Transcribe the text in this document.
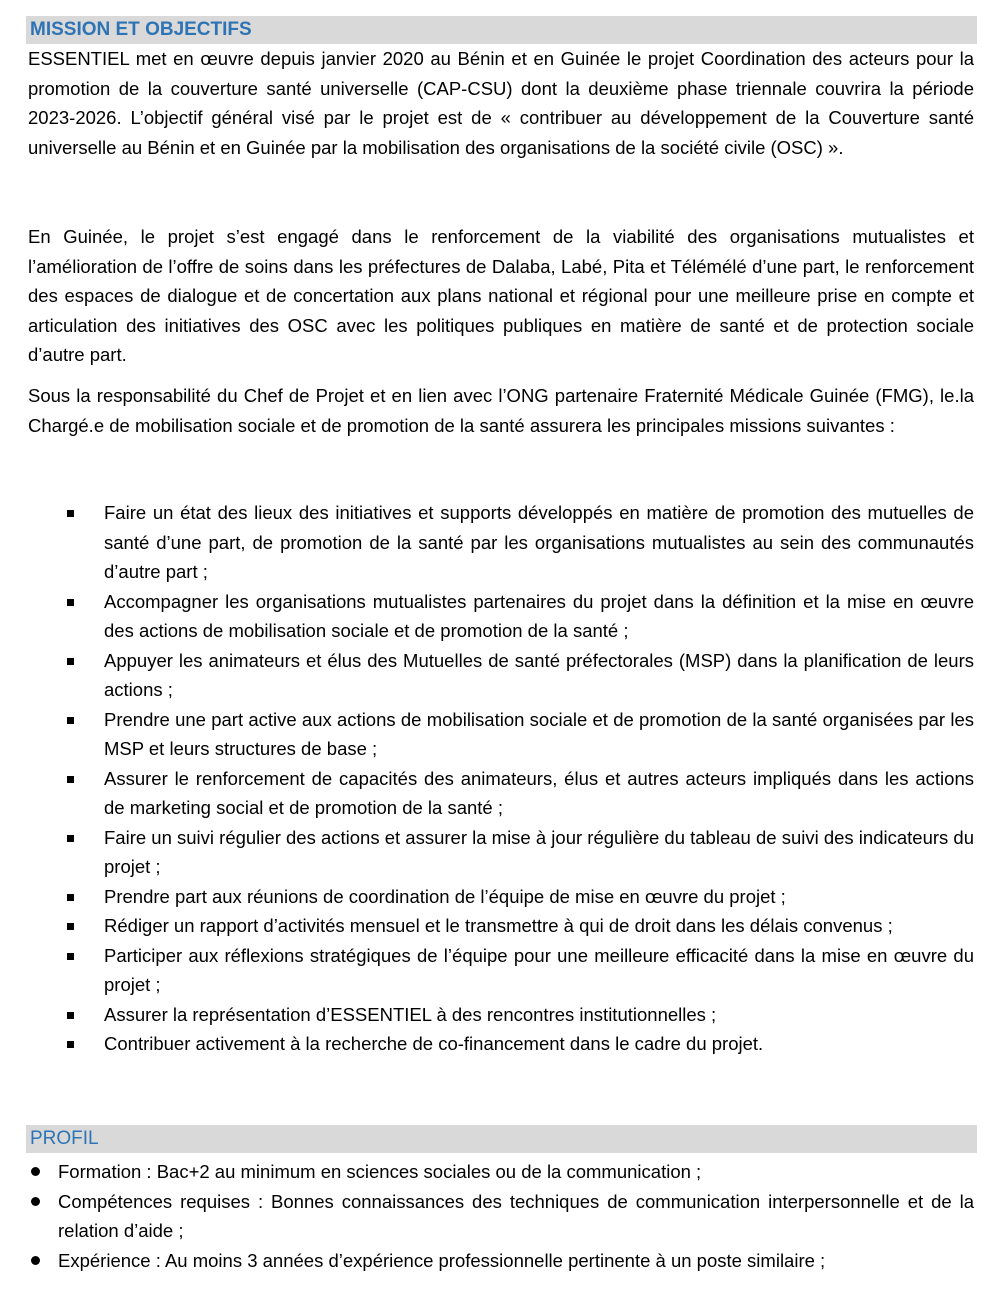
MISSION ET OBJECTIFS

ESSENTIEL met en œuvre depuis janvier 2020 au Bénin et en Guinée le projet Coordination des acteurs pour la promotion de la couverture santé universelle (CAP-CSU) dont la deuxième phase triennale couvrira la période 2023-2026. L’objectif général visé par le projet est de « contribuer au développement de la Couverture santé universelle au Bénin et en Guinée par la mobilisation des organisations de la société civile (OSC) ».

En Guinée, le projet s’est engagé dans le renforcement de la viabilité des organisations mutualistes et l’amélioration de l’offre de soins dans les préfectures de Dalaba, Labé, Pita et Télémélé d’une part, le renforcement des espaces de dialogue et de concertation aux plans national et régional pour une meilleure prise en compte et articulation des initiatives des OSC avec les politiques publiques en matière de santé et de protection sociale d’autre part.

Sous la responsabilité du Chef de Projet et en lien avec l’ONG partenaire Fraternité Médicale Guinée (FMG), le.la Chargé.e de mobilisation sociale et de promotion de la santé assurera les principales missions suivantes :

Faire un état des lieux des initiatives et supports développés en matière de promotion des mutuelles de santé d’une part, de promotion de la santé par les organisations mutualistes au sein des communautés d’autre part ;
Accompagner les organisations mutualistes partenaires du projet dans la définition et la mise en œuvre des actions de mobilisation sociale et de promotion de la santé ;
Appuyer les animateurs et élus des Mutuelles de santé préfectorales (MSP) dans la planification de leurs actions ;
Prendre une part active aux actions de mobilisation sociale et de promotion de la santé organisées par les MSP et leurs structures de base ;
Assurer le renforcement de capacités des animateurs, élus et autres acteurs impliqués dans les actions de marketing social et de promotion de la santé ;
Faire un suivi régulier des actions et assurer la mise à jour régulière du tableau de suivi des indicateurs du projet ;
Prendre part aux réunions de coordination de l’équipe de mise en œuvre du projet ;
Rédiger un rapport d’activités mensuel et le transmettre à qui de droit dans les délais convenus ;
Participer aux réflexions stratégiques de l’équipe pour une meilleure efficacité dans la mise en œuvre du projet ;
Assurer la représentation d’ESSENTIEL à des rencontres institutionnelles ;
Contribuer activement à la recherche de co-financement dans le cadre du projet.
PROFIL
Formation : Bac+2 au minimum en sciences sociales ou de la communication ;
Compétences requises : Bonnes connaissances des techniques de communication interpersonnelle et de la relation d’aide ;
Expérience : Au moins 3 années d’expérience professionnelle pertinente à un poste similaire ;
